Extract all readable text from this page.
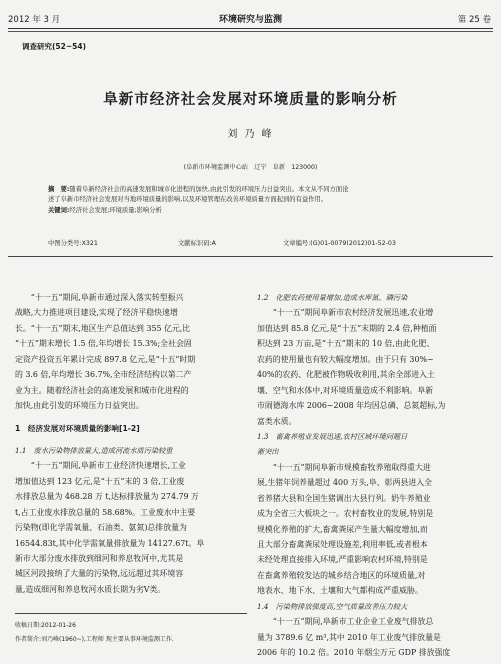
2012 年 3 月	环境研究与监测	第 25 卷
调查研究(52~54)
阜新市经济社会发展对环境质量的影响分析
刘 乃 峰
(阜新市环境监测中心站　辽宁　阜新　123000)
摘　要:随着阜新经济社会的高速发展和城市化进程的加快,由此引发的环境压力日益突出。本文从不同方面论
述了阜新市经济社会发展对当地环境质量的影响,以及环境管理在改善环境质量方面起到的有益作用。
关键词:经济社会发展;环境质量;影响分析
中图分类号:X321	文献标识码:A	文章编号:(G)01-0079(2012)01-52-03
“十一五”期间,阜新市通过深入落实转型振兴
战略,大力推进项目建设,实现了经济平稳快速增
长。“十一五”期末,地区生产总值达到 355 亿元,比
“十五”期末增长 1.5 倍,年均增长 15.3%;全社会固
定资产投资五年累计完成 897.8 亿元,是“十五”时期
的 3.6 倍,年均增长 36.7%,全市经济结构以第二产
业为主。随着经济社会的高速发展和城市化进程的
加快,由此引发的环境压力日益突出。
1　经济发展对环境质量的影响[1-2]
1.1　废水污染物排放量大,造成河流水质污染较重
“十一五”期间,阜新市工业经济快速增长,工业
增加值达到 123 亿元,是“十五”末的 3 倍,工业废
水排放总量为 468.28 万 t,达标排放量为 274.79 万
t,占工业废水排放总量的 58.68%。工业废水中主要
污染物(即化学需氧量、石油类、氨氮)总排放量为
16544.83t,其中化学需氧量排放量为 14127.67t。阜
新市大部分废水排放到细河和养息牧河中,尤其是
城区河段接纳了大量的污染物,远远超过其环境容
量,造成细河和养息牧河水质长期为劣Ⅴ类。
1.2　化肥农药使用量增加,造成水库氮、磷污染
“十一五”期间阜新市农村经济发展迅速,农业增
加值达到 85.8 亿元,是“十五”末期的 2.4 倍,种植面
积达到 23 万亩,是“十五”期末的 10 倍,由此化肥、
农药的使用量也有较大幅度增加。由于只有 30%~
40%的农药、化肥被作物吸收利用,其余全部进入土
壤、空气和水体中,对环境质量造成不利影响。阜新
市闹德海水库 2006~2008 年均因总磷、总氮超标,为
富类水质。
1.3　畜禽养殖业发展迅速,农村区域环境问题日
渐突出
“十一五”期间阜新市规模畜牧养殖取得重大进
展,生猪年饲养量超过 400 万头,阜、彰两县进入全
省养猪大县和全国生猪调出大县行列。奶牛养殖业
成为全省三大板块之一。农村畜牧业的发展,特别是
规模化养殖的扩大,畜禽粪尿产生量大幅度增加,而
且大部分畜禽粪尿处理设施差,利用率低,或者根本
未经处理直接排入环境,严重影响农村环境,特别是
在畜禽养殖较发达的城乡结合地区的环境质量,对
地表水、地下水、土壤和大气都构成严重威胁。
1.4　污染物排放强度高,空气质量改善压力较大
“十一五”期间,阜新市工业企业工业废气排放总
量为 3789.6 亿 m³,其中 2010 年工业废气排放量是
2006 年的 10.2 倍。2010 年烟尘万元 GDP 排放强度
收稿日期:2012-01-26
作者简介:刘乃峰(1960~),工程师 现主要从事环境监测工作.
